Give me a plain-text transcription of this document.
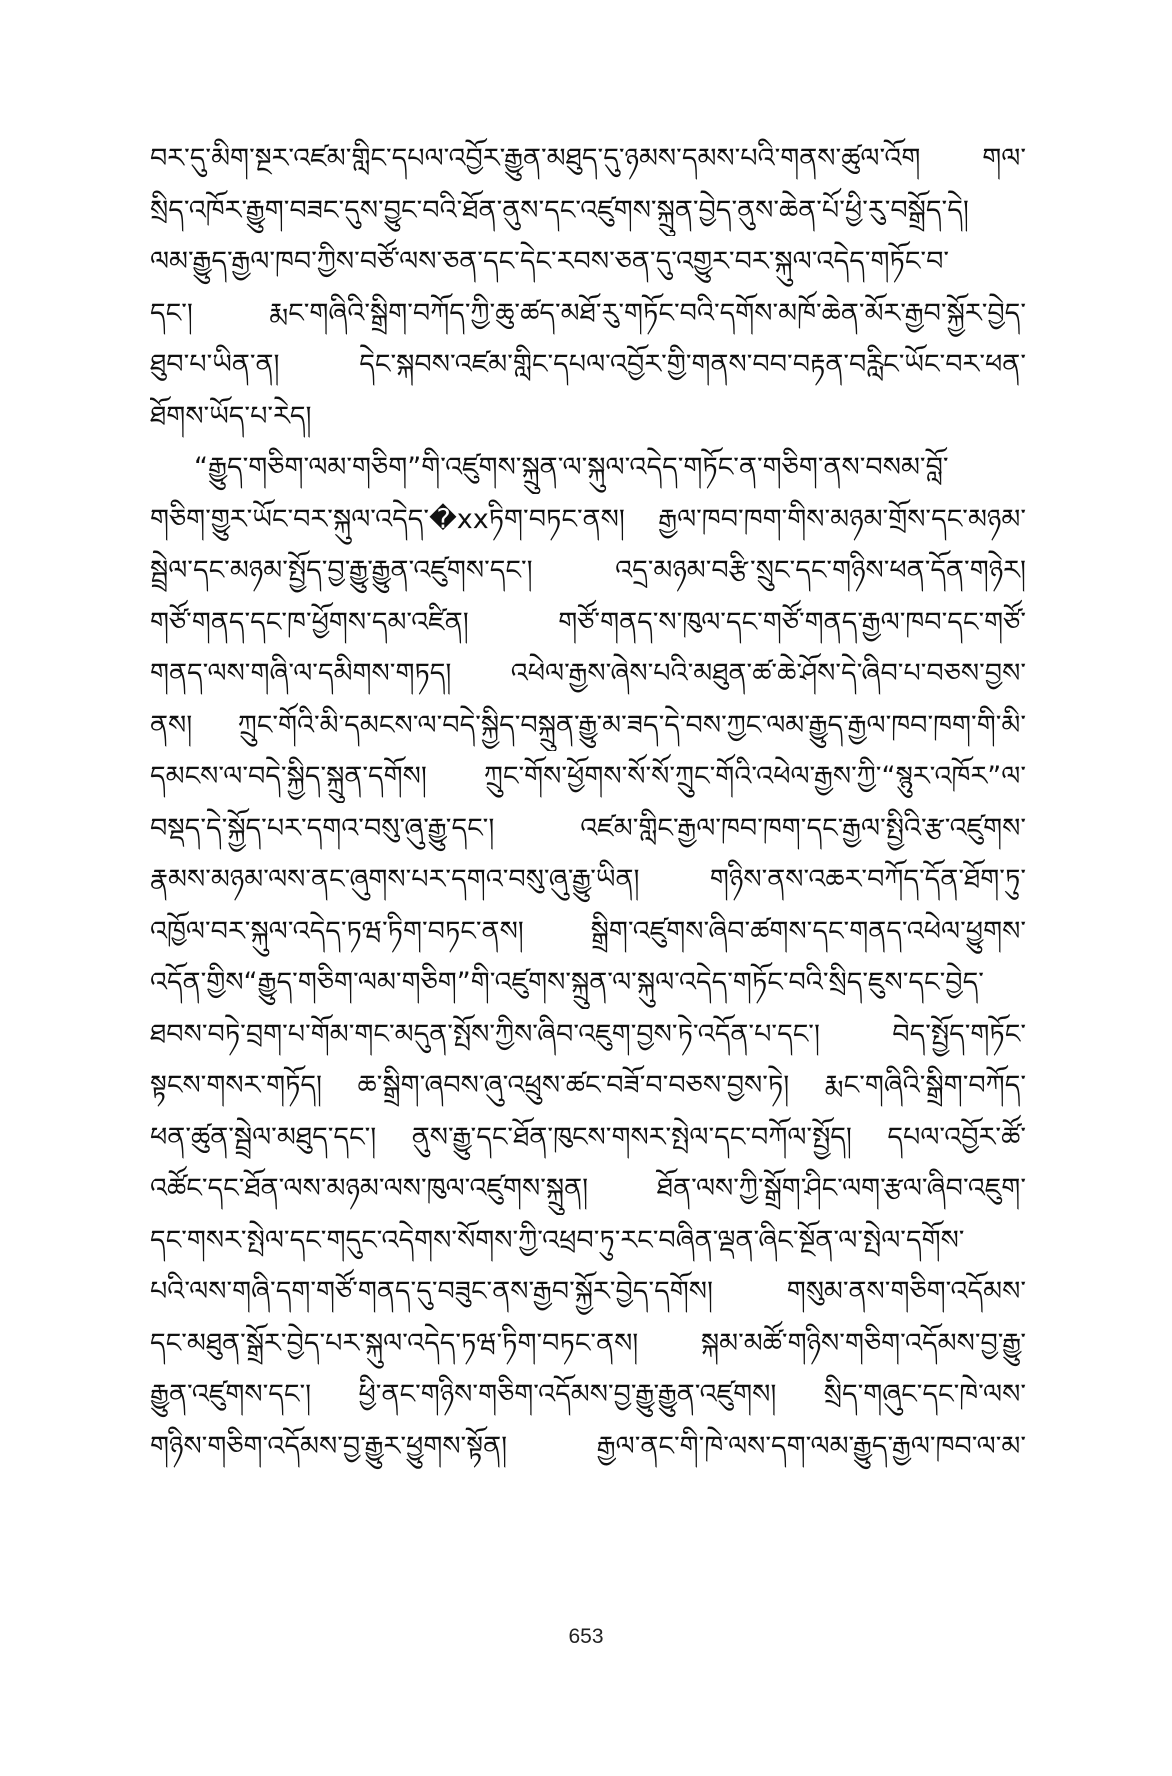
བར་དུ་མིག་སྔར་འཛམ་གླིང་དཔལ་འབྱོར་རྒྱུན་མཐུད་དུ་ཉམས་དམས་པའི་གནས་ཚུལ་འོག གལ་
སྲིད་འཁོར་རྒྱུག་བཟང་དུས་བྱུང་བའི་ཐོན་ནུས་དང་འཛུགས་སྐྲུན་བྱེད་ནུས་ཆེན་པོ་ཕྱི་རུ་བསྒྲོད་དེ།
ལམ་རྒྱུད་རྒྱལ་ཁབ་ཀྱིས་བཙོ་ལས་ཅན་དང་དེང་རབས་ཅན་དུ་འགྱུར་བར་སྐུལ་འདེད་གཏོང་བ་
དང་། རྨང་གཞིའི་སྒྲིག་བཀོད་ཀྱི་ཆུ་ཚད་མཐོ་རུ་གཏོང་བའི་དགོས་མཁོ་ཆེན་མོར་རྒྱབ་སྐྱོར་བྱེད་
ཐུབ་པ་ཡིན་ན། དེང་སྐབས་འཛམ་གླིང་དཔལ་འབྱོར་གྱི་གནས་བབ་བརྟན་བརླིང་ཡོང་བར་ཕན་
ཐོགས་ཡོད་པ་རེད།
“རྒྱུད་གཅིག་ལམ་གཅིག”གི་འཛུགས་སྐྲུན་ལ་སྐུལ་འདེད་གཏོང་ན་གཅིག་ནས་བསམ་བློ་
གཅིག་གྱུར་ཡོང་བར་སྐུལ་འདེད་�xxཏིག་བཏང་ནས། རྒྱལ་ཁབ་ཁག་གིས་མཉམ་གྲོས་དང་མཉམ་
སྦྲེལ་དང་མཉམ་སྤྱོད་བྱ་རྒྱུ་རྒྱུན་འཛུགས་དང་། འདྲ་མཉམ་བརྩི་སྲུང་དང་གཉིས་ཕན་དོན་གཉེར།
གཙོ་གནད་དང་ཁ་ཕྱོགས་དམ་འཛིན། གཙོ་གནད་ས་ཁུལ་དང་གཙོ་གནད་རྒྱལ་ཁབ་དང་གཙོ་
གནད་ལས་གཞི་ལ་དམིགས་གཏད། འཕེལ་རྒྱས་ཞེས་པའི་མཐུན་ཚ་ཆེ་ཤོས་དེ་ཞིབ་པ་བཅས་བྱས་
ནས། ཀྲུང་གོའི་མི་དམངས་ལ་བདེ་སྐྱིད་བསྐྲུན་རྒྱུ་མ་ཟད་དེ་བས་ཀྱང་ལམ་རྒྱུད་རྒྱལ་ཁབ་ཁག་གི་མི་
དམངས་ལ་བདེ་སྐྱིད་སྐྲུན་དགོས། ཀྲུང་གོས་ཕྱོགས་སོ་སོ་ཀྲུང་གོའི་འཕེལ་རྒྱས་ཀྱི་“སྙུར་འཁོར”ལ་
བསྡད་དེ་སྐྱོད་པར་དགའ་བསུ་ཞུ་རྒྱུ་དང་། འཛམ་གླིང་རྒྱལ་ཁབ་ཁག་དང་རྒྱལ་སྤྱིའི་རྩ་འཛུགས་
རྣམས་མཉམ་ལས་ནང་ཞུགས་པར་དགའ་བསུ་ཞུ་རྒྱུ་ཡིན། གཉིས་ནས་འཆར་བཀོད་དོན་ཐོག་ཏུ་
འཁྱོལ་བར་སྐུལ་འདེད་ཏཝ་ཏིག་བཏང་ནས། སྒྲིག་འཛུགས་ཞིབ་ཚགས་དང་གནད་འཕེལ་ཕྱུགས་
འདོན་གྱིས“རྒྱུད་གཅིག་ལམ་གཅིག”གི་འཛུགས་སྐྲུན་ལ་སྐུལ་འདེད་གཏོང་བའི་སྲིད་ཇུས་དང་བྱེད་
ཐབས་བཏེ་བྲག་པ་གོམ་གང་མདུན་སྤོས་ཀྱིས་ཞིབ་འཇུག་བྱས་ཏེ་འདོན་པ་དང་། བེད་སྤྱོད་གཏོང་
སྟངས་གསར་གཏོད། ཆ་སྒྲིག་ཞབས་ཞུ་འཕྲུས་ཚང་བཟོ་བ་བཅས་བྱས་ཏེ། རྨང་གཞིའི་སྒྲིག་བཀོད་
ཕན་ཚུན་སྦྲེལ་མཐུད་དང་། ནུས་རྒྱུ་དང་ཐོན་ཁུངས་གསར་སྤེལ་དང་བཀོལ་སྤྱོད། དཔལ་འབྱོར་ཚོ་
འཚོང་དང་ཐོན་ལས་མཉམ་ལས་ཁུལ་འཛུགས་སྐྲུན། ཐོན་ལས་ཀྱི་སྒྲོག་ཤིང་ལག་རྩལ་ཞིབ་འཇུག་
དང་གསར་སྤེལ་དང་གདུང་འདེགས་སོགས་ཀྱི་འཕྲབ་ཏུ་རང་བཞིན་ལྡན་ཞིང་སྔོན་ལ་སྤེལ་དགོས་
པའི་ལས་གཞི་དག་གཙོ་གནད་དུ་བཟུང་ནས་རྒྱབ་སྐྱོར་བྱེད་དགོས། གསུམ་ནས་གཅིག་འདོམས་
དང་མཐུན་སྒྲོར་བྱེད་པར་སྐུལ་འདེད་ཏཝ་ཏིག་བཏང་ནས། སྐམ་མཚོ་གཉིས་གཅིག་འདོམས་བྱ་རྒྱུ་
རྒྱུན་འཛུགས་དང་། ཕྱི་ནང་གཉིས་གཅིག་འདོམས་བྱ་རྒྱུ་རྒྱུན་འཛུགས། སྲིད་གཞུང་དང་ཁེ་ལས་
གཉིས་གཅིག་འདོམས་བྱ་རྒྱུར་ཕྱུགས་སྟོན། རྒྱལ་ནང་གི་ཁེ་ལས་དག་ལམ་རྒྱུད་རྒྱལ་ཁབ་ལ་མ་
653
